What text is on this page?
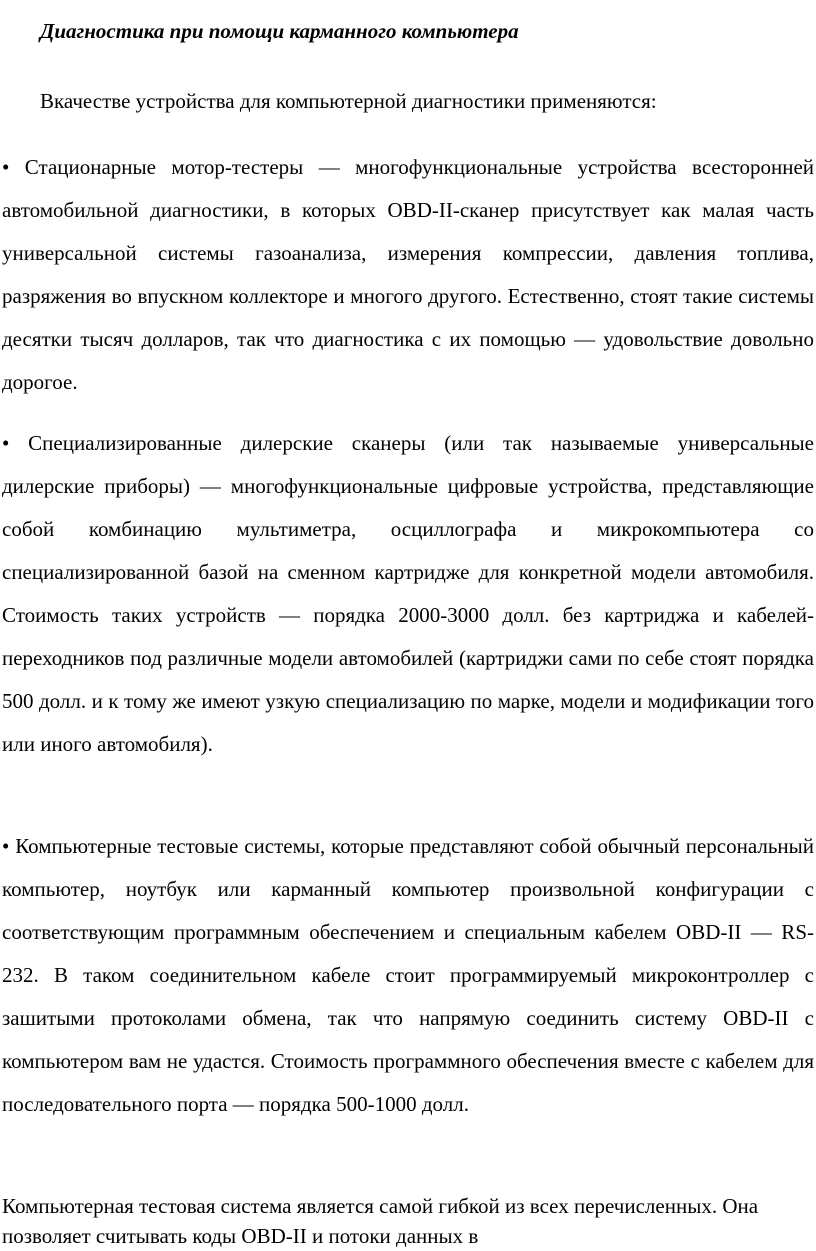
Диагностика при помощи карманного компьютера
Вкачестве устройства для компьютерной диагностики применяются:

• Стационарные мотор-тестеры — многофункциональные устройства всесторонней автомобильной диагностики, в которых OBD-II-сканер присутствует как малая часть универсальной системы газоанализа, измерения компрессии, давления топлива, разряжения во впускном коллекторе и многого другого. Естественно, стоят такие системы десятки тысяч долларов, так что диагностика с их помощью — удовольствие довольно дорогое.

• Специализированные дилерские сканеры (или так называемые универсальные дилерские приборы) — многофункциональные цифровые устройства, представляющие собой комбинацию мультиметра, осциллографа и микрокомпьютера со специализированной базой на сменном картридже для конкретной модели автомобиля. Стоимость таких устройств — порядка 2000-3000 долл. без картриджа и кабелей-переходников под различные модели автомобилей (картриджи сами по себе стоят порядка 500 долл. и к тому же имеют узкую специализацию по марке, модели и модификации того или иного автомобиля).

• Компьютерные тестовые системы, которые представляют собой обычный персональный компьютер, ноутбук или карманный компьютер произвольной конфигурации с соответствующим программным обеспечением и специальным кабелем OBD-II — RS-232. В таком соединительном кабеле стоит программируемый микроконтроллер с зашитыми протоколами обмена, так что напрямую соединить систему OBD-II с компьютером вам не удастся. Стоимость программного обеспечения вместе с кабелем для последовательного порта — порядка 500-1000 долл.

Компьютерная тестовая система является самой гибкой из всех перечисленных. Она позволяет считывать коды OBD-II и потоки данных в
